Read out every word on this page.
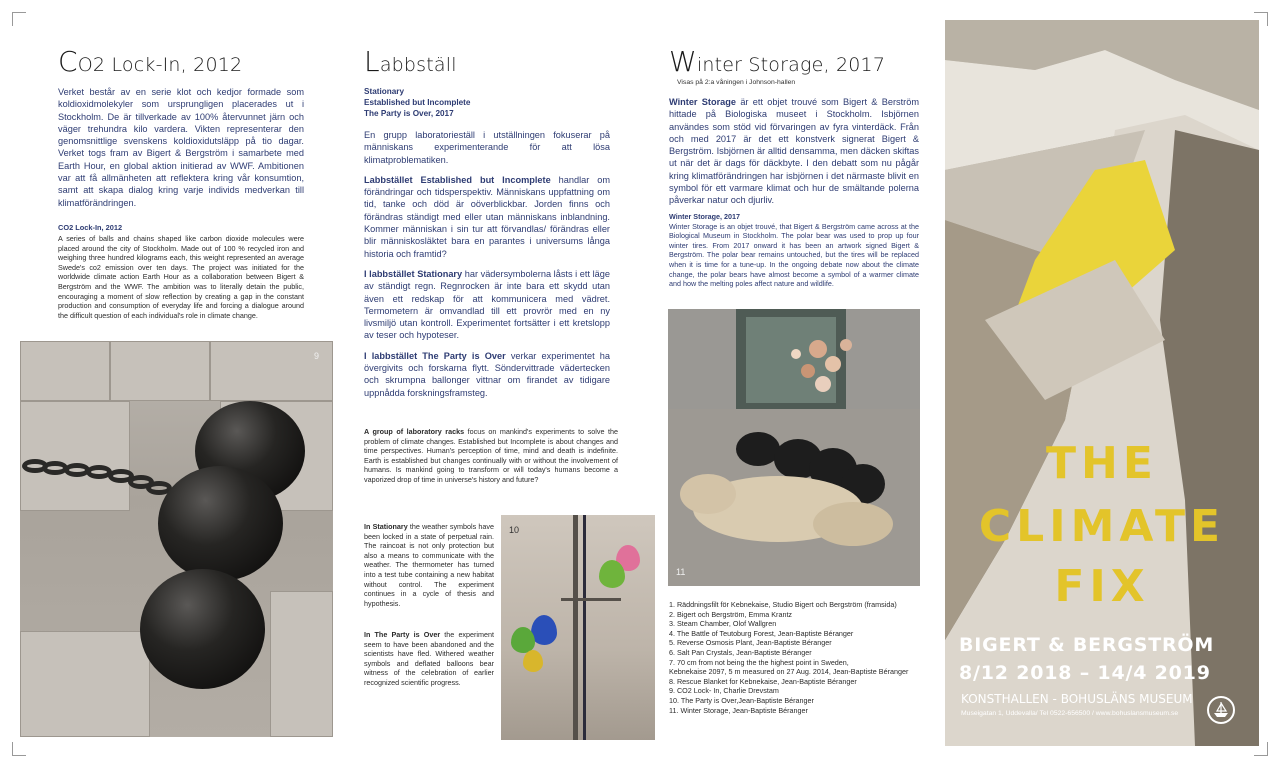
CO2 Lock-In, 2012

Verket består av en serie klot och kedjor formade som koldioxidmolekyler som ursprungligen placerades ut i Stockholm. De är tillverkade av 100% återvunnet järn och väger trehundra kilo vardera. Vikten representerar den genomsnittlige svenskens koldioxidutsläpp på tio dagar. Verket togs fram av Bigert & Bergström i samarbete med Earth Hour, en global aktion initierad av WWF. Ambitionen var att få allmänheten att reflektera kring vår konsumtion, samt att skapa dialog kring varje individs medverkan till klimatförändringen.

CO2 Lock-In, 2012

A series of balls and chains shaped like carbon dioxide molecules were placed around the city of Stockholm. Made out of 100 % recycled iron and weighing three hundred kilograms each, this weight represented an average Swede's co2 emission over ten days. The project was initiated for the worldwide climate action Earth Hour as a collaboration between Bigert & Bergström and the WWF. The ambition was to literally detain the public, encouraging a moment of slow reflection by creating a gap in the constant production and consumption of everyday life and forcing a dialogue around the difficult question of each individual's role in climate change.

9
Labbställ
Stationary
Established but Incomplete
The Party is Over, 2017

En grupp laboratorieställ i utställningen fokuserar på människans experimenterande för att lösa klimatproblematiken.

Labbstället Established but Incomplete handlar om förändringar och tidsperspektiv. Människans uppfattning om tid, tanke och död är oöverblickbar. Jorden finns och förändras ständigt med eller utan människans inblandning. Kommer människan i sin tur att förvandlas/ förändras eller blir människosläktet bara en parantes i universums långa historia och framtid?

I labbstället Stationary har vädersymbolerna låsts i ett läge av ständigt regn. Regnrocken är inte bara ett skydd utan även ett redskap för att kommunicera med vädret. Termometern är omvandlad till ett provrör med en ny livsmiljö utan kontroll. Experimentet fortsätter i ett kretslopp av teser och hypoteser.

I labbstället The Party is Over verkar experimentet ha övergivits och forskarna flytt. Söndervittrade vädertecken och skrumpna ballonger vittnar om firandet av tidigare uppnådda forskningsframsteg.

A group of laboratory racks focus on mankind's experiments to solve the problem of climate changes. Established but Incomplete is about changes and time perspectives. Human's perception of time, mind and death is indefinite. Earth is established but changes continually with or without the involvement of humans. Is mankind going to transform or will today's humans become a vaporized drop of time in universe's history and future?

In Stationary the weather symbols have been locked in a state of perpetual rain. The raincoat is not only protection but also a means to communicate with the weather. The thermometer has turned into a test tube containing a new habitat without control. The experiment continues in a cycle of thesis and hypothesis.

In The Party is Over the experiment seem to have been abandoned and the scientists have fled. Withered weather symbols and deflated balloons bear witness of the celebration of earlier recognized scientific progress.

10
Winter Storage, 2017
Visas på 2:a våningen i Johnson-hallen

Winter Storage är ett objet trouvé som Bigert & Berström hittade på Biologiska museet i Stockholm. Isbjörnen användes som stöd vid förvaringen av fyra vinterdäck. Från och med 2017 är det ett konstverk signerat Bigert & Bergström. Isbjörnen är alltid densamma, men däcken skiftas ut när det är dags för däckbyte. I den debatt som nu pågår kring klimatförändringen har isbjörnen i det närmaste blivit en symbol för ett varmare klimat och hur de smältande polerna påverkar natur och djurliv.

Winter Storage, 2017

Winter Storage is an objet trouvé, that Bigert & Bergström came across at the Biological Museum in Stockholm. The polar bear was used to prop up four winter tires. From 2017 onward it has been an artwork signed Bigert & Bergström. The polar bear remains untouched, but the tires will be replaced when it is time for a tune-up. In the ongoing debate now about the climate change, the polar bears have almost become a symbol of a warmer climate and how the melting poles affect nature and wildlife.

11
1. Räddningsfilt för Kebnekaise, Studio Bigert och Bergström (framsida)
2. Bigert och Bergström, Emma Krantz
3. Steam Chamber, Olof Wallgren
4. The Battle of Teutoburg Forest, Jean-Baptiste Béranger
5. Reverse Osmosis Plant, Jean-Baptiste Béranger
6. Salt Pan Crystals, Jean-Baptiste Béranger
7. 70 cm from not being the the highest point in Sweden,
Kebnekaise 2097, 5 m measured on 27 Aug. 2014, Jean-Baptiste Béranger
8. Rescue Blanket for Kebnekaise, Jean-Baptiste Béranger
9. CO2 Lock- In, Charlie Drevstam
10. The Party is Over,Jean-Baptiste Béranger
11. Winter Storage, Jean-Baptiste Béranger
THE
CLIMATE
FIX
BIGERT & BERGSTRÖM
8/12 2018 – 14/4 2019
KONSTHALLEN - BOHUSLÄNS MUSEUM
Museigatan 1, Uddevalla/ Tel 0522-656500 / www.bohuslansmuseum.se
